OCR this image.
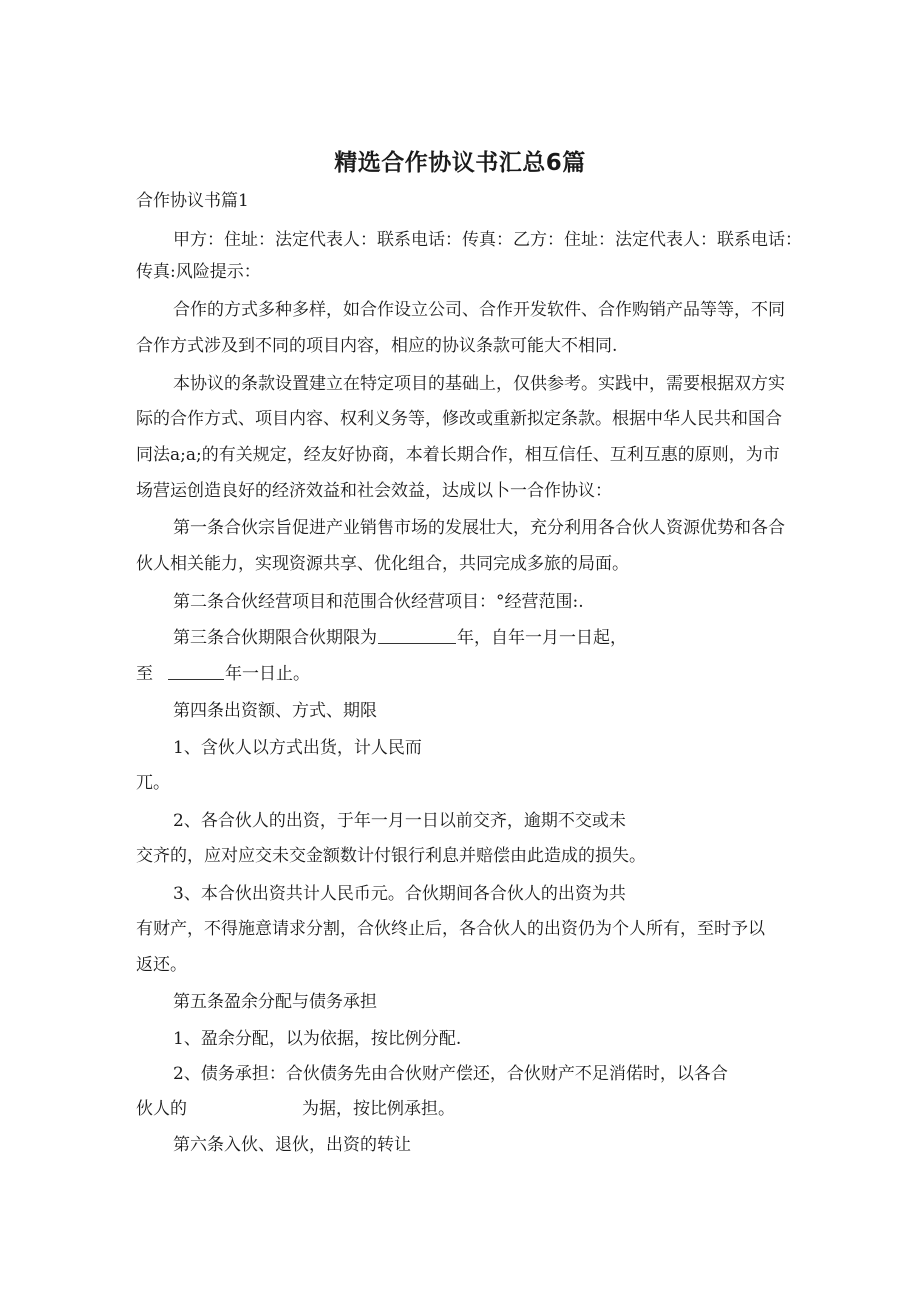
精选合作协议书汇总6篇

合作协议书篇1

甲方：住址：法定代表人：联系电话：传真：乙方：住址：法定代表人：联系电话：

传真:风险提示：

合作的方式多种多样，如合作设立公司、合作开发软件、合作购销产品等等，不同

合作方式涉及到不同的项目内容，相应的协议条款可能大不相同.

本协议的条款设置建立在特定项目的基础上，仅供参考。实践中，需要根据双方实

际的合作方式、项目内容、权利义务等，修改或重新拟定条款。根据中华人民共和国合

同法a;a;的有关规定，经友好协商，本着长期合作，相互信任、互利互惠的原则，为市

场营运创造良好的经济效益和社会效益，达成以卜一合作协议：

第一条合伙宗旨促进产业销售市场的发展壮大，充分利用各合伙人资源优势和各合

伙人相关能力，实现资源共享、优化组合，共同完成多旅的局面。

第二条合伙经营项目和范围合伙经营项目：°经营范围:.

第三条合伙期限合伙期限为	年，自年一月一日起，

至	年一日止。

第四条出资额、方式、期限

1、含伙人以方式出货，计人民而

兀。

2、各合伙人的出资，于年一月一日以前交齐，逾期不交或未

交齐的，应对应交未交金额数计付银行利息并赔偿由此造成的损失。

3、本合伙出资共计人民币元。合伙期间各合伙人的出资为共

有财产，不得施意请求分割，合伙终止后，各合伙人的出资仍为个人所有，至时予以

返还。

第五条盈余分配与债务承担

1、盈余分配，以为依据，按比例分配.

2、债务承担：合伙债务先由合伙财产偿还，合伙财产不足消偌时，以各合

伙人的	为据，按比例承担。

第六条入伙、退伙，出资的转让
